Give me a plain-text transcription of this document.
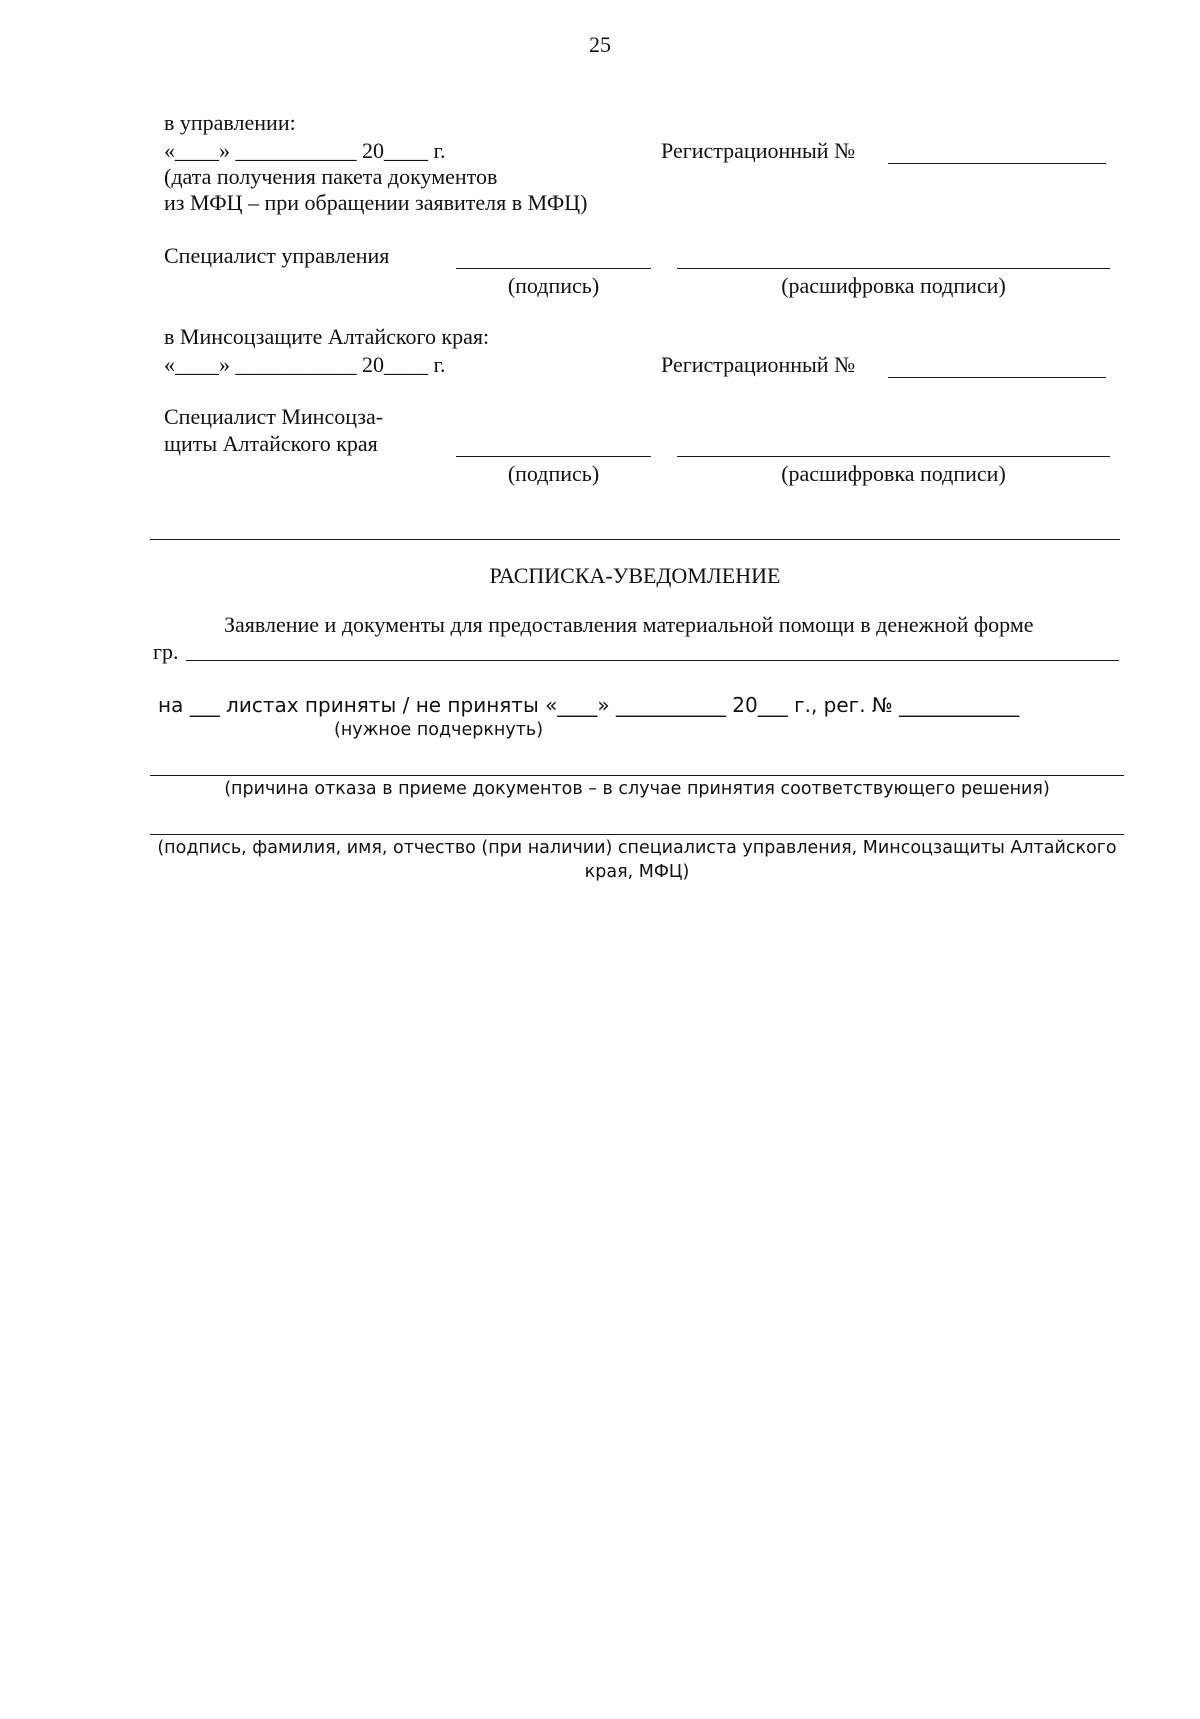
25
в управлении:
«____» ___________ 20____ г.
(дата получения пакета документов
из МФЦ – при обращении заявителя в МФЦ)
Регистрационный №
Специалист управления
(подпись)	(расшифровка подписи)
в Минсоцзащите Алтайского края:
«____» ___________ 20____ г.	Регистрационный №
Специалист Минсоцза-
щиты Алтайского края
(подпись)	(расшифровка подписи)
РАСПИСКА-УВЕДОМЛЕНИЕ
Заявление и документы для предоставления материальной помощи в денежной форме
гр.
на ___ листах приняты / не приняты «____» ___________ 20___ г., рег. № ____________
(нужное подчеркнуть)
(причина отказа в приеме документов – в случае принятия соответствующего решения)
(подпись, фамилия, имя, отчество (при наличии) специалиста управления, Минсоцзащиты Алтайского
края, МФЦ)
